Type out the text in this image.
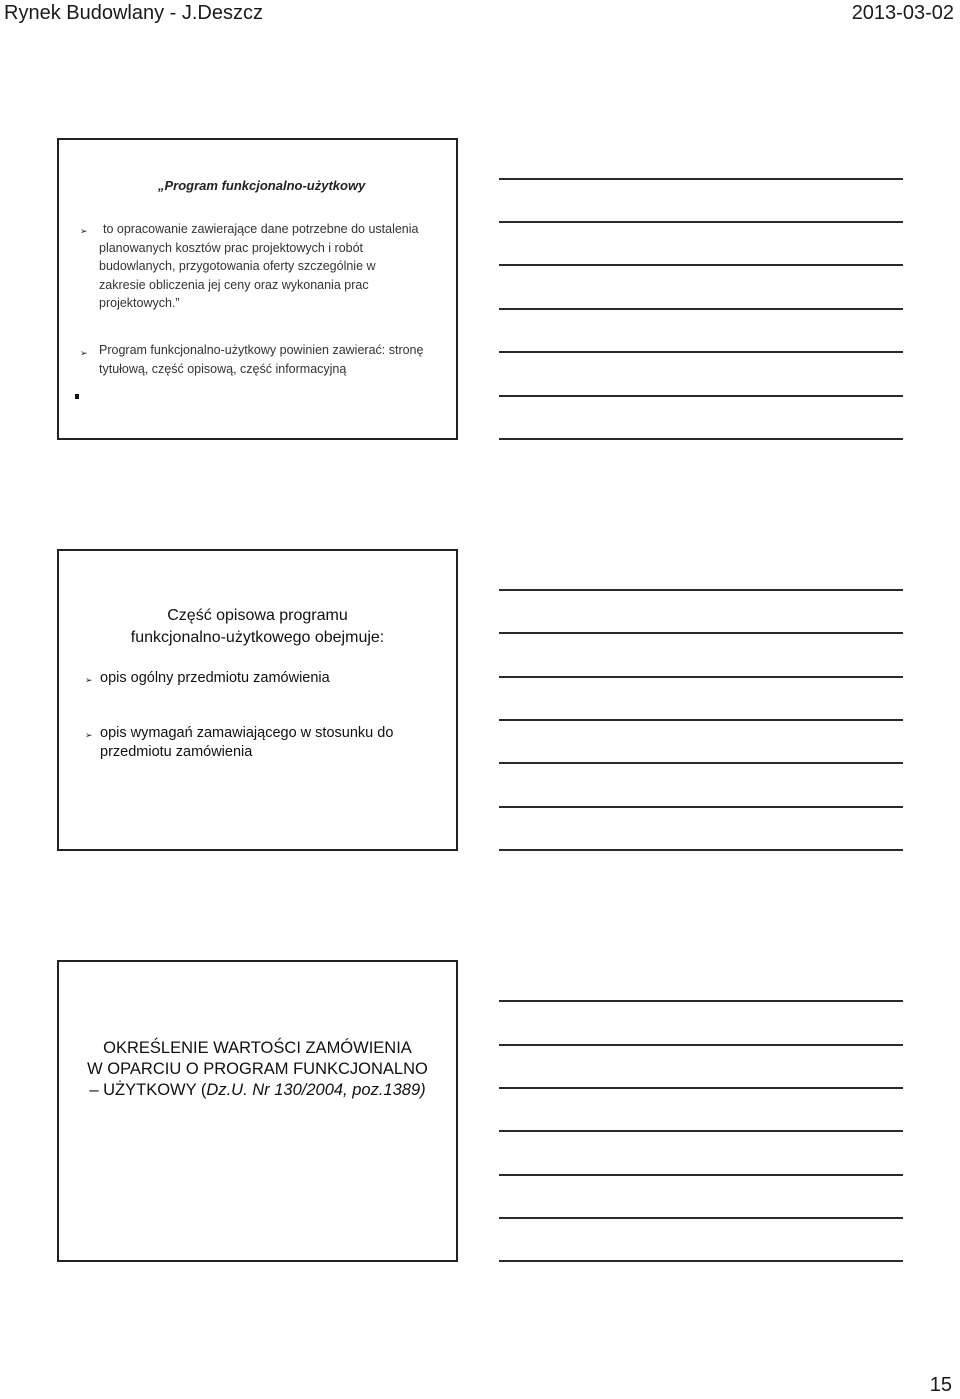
Rynek Budowlany - J.Deszcz	2013-03-02
„Program funkcjonalno-użytkowy
➢ to opracowanie zawierające dane potrzebne do ustalenia
planowanych kosztów prac projektowych i robót
budowlanych, przygotowania oferty szczególnie w
zakresie obliczenia jej ceny oraz wykonania prac
projektowych.”
➢ Program funkcjonalno-użytkowy powinien zawierać: stronę
tytułową, część opisową, część informacyjną
Część opisowa programu
funkcjonalno-użytkowego obejmuje:
➢ opis ogólny przedmiotu zamówienia
➢ opis wymagań zamawiającego w stosunku do
przedmiotu zamówienia
OKREŚLENIE WARTOŚCI ZAMÓWIENIA
W OPARCIU O PROGRAM FUNKCJONALNO
– UŻYTKOWY (Dz.U. Nr 130/2004, poz.1389)
15
